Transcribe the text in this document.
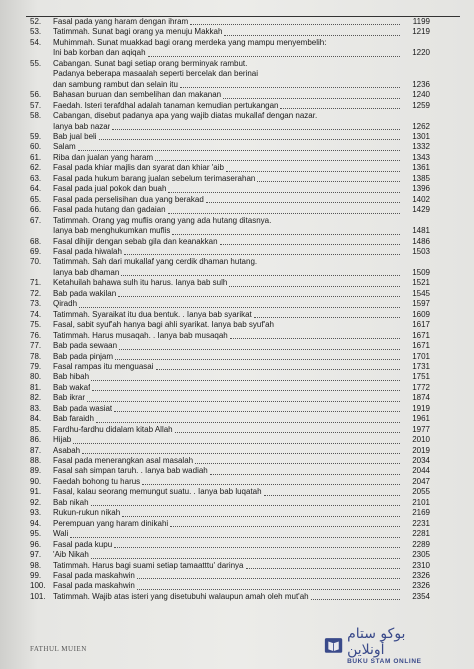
52.	Fasal pada yang haram dengan ihram	1199
53.	Tatimmah. Sunat bagi orang ya menuju Makkah	1219
54.	Muhimmah. Sunat muakkad bagi orang merdeka yang mampu menyembelih:
Ini bab korban dan aqiqah	1220
55.	Cabangan. Sunat bagi setiap orang berminyak rambut.
Padanya beberapa masaalah seperti bercelak dan berinai
dan sambung rambut dan selain itu	1236
56.	Bahasan buruan dan sembelihan dan makanan	1240
57.	Faedah. Isteri terafdhal adalah tanaman kemudian pertukangan	1259
58.	Cabangan, disebut padanya apa yang wajib diatas mukallaf dengan nazar.
Ianya bab nazar	1262
59.	Bab jual beli	1301
60.	Salam	1332
61.	Riba dan jualan yang haram	1343
62.	Fasal pada khiar majlis dan syarat dan khiar 'aib	1361
63.	Fasal pada hukum barang jualan sebelum terimaserahan	1385
64.	Fasal pada jual pokok dan buah	1396
65.	Fasal pada perselisihan dua yang berakad	1402
66.	Fasal pada hutang dan gadaian	1429
67.	Tatimmah. Orang yag muflis orang yang ada hutang ditasnya.
Ianya bab menghukumkan muflis	1481
68.	Fasal dihijir dengan sebab gila dan keanakkan	1486
69.	Fasal pada hiwalah	1503
70.	Tatimmah. Sah dari mukallaf yang cerdik dhaman hutang.
Ianya bab dhaman	1509
71.	Ketahuilah bahawa sulh itu harus. Ianya bab sulh	1521
72.	Bab pada wakilan	1545
73.	Qiradh	1597
74.	Tatimmah. Syaraikat itu dua bentuk. . Ianya bab syarikat	1609
75.	Fasal, sabit syuf'ah hanya bagi ahli syarikat. Ianya bab syuf'ah	1617
76.	Tatimmah. Harus musaqah. . Ianya bab musaqah	1671
77.	Bab pada sewaan	1671
78.	Bab pada pinjam	1701
79.	Fasal rampas itu menguasai	1731
80.	Bab hibah	1751
81.	Bab wakaf	1772
82.	Bab ikrar	1874
83.	Bab pada wasiat	1919
84.	Bab faraidh	1961
85.	Fardhu-fardhu didalam kitab Allah	1977
86.	Hijab	2010
87.	Asabah	2019
88.	Fasal pada menerangkan asal masalah	2034
89.	Fasal sah simpan taruh. . Ianya bab wadiah	2044
90.	Faedah bohong tu harus	2047
91.	Fasal, kalau seorang memungut suatu. . Ianya bab luqatah	2055
92.	Bab nikah	2101
93.	Rukun-rukun nikah	2169
94.	Perempuan yang haram dinikahi	2231
95.	Wali	2281
96.	Fasal pada kupu	2289
97.	'Aib Nikah	2305
98.	Tatimmah. Harus bagi suami setiap tamaatttu' darinya	2310
99.	Fasal pada maskahwin	2326
100. Fasal pada maskahwin	2326
101. Tatimmah. Wajib atas isteri yang disetubuhi walaupun amah oleh mut'ah	2354
FATHUL MUIEN
بوكو ستام أونلاين
BUKU STAM ONLINE
